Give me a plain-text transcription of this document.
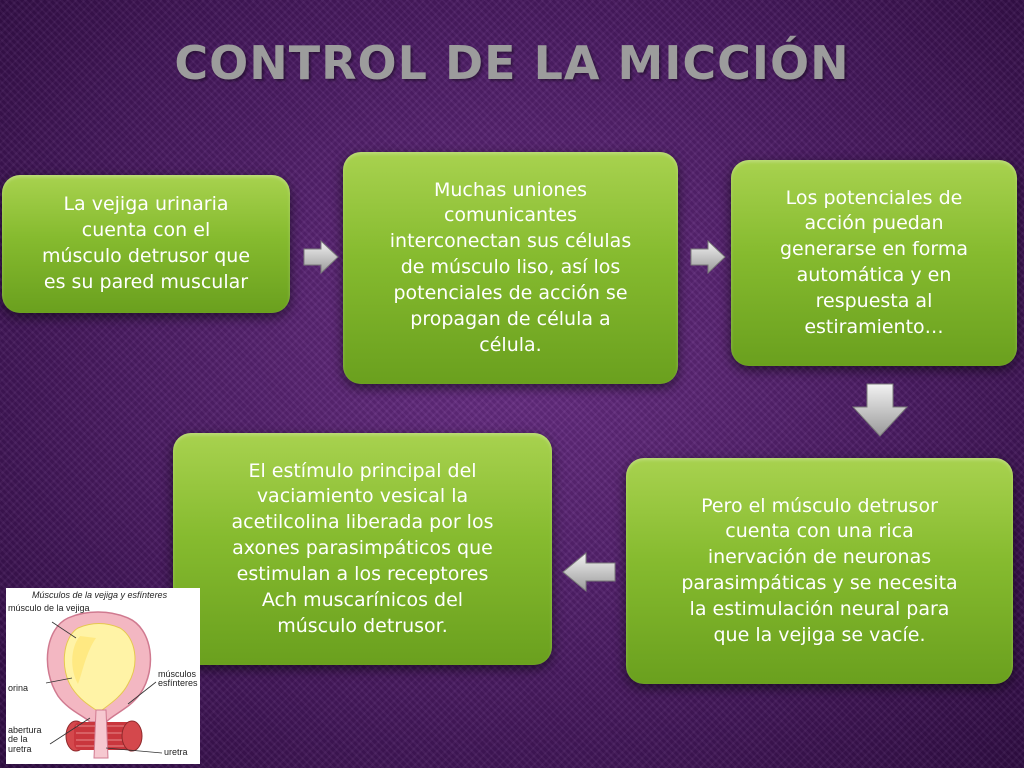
CONTROL DE LA MICCIÓN
La vejiga urinaria
cuenta con el
músculo detrusor que
es su pared muscular
Muchas uniones
comunicantes
interconectan sus células
de músculo liso, así los
potenciales de acción se
propagan de célula a
célula.
Los potenciales de
acción puedan
generarse en forma
automática y en
respuesta al
estiramiento…
Pero el músculo detrusor
cuenta con una rica
inervación de neuronas
parasimpáticas y se necesita
la estimulación neural para
que la vejiga se vacíe.
El estímulo principal del
vaciamiento vesical la
acetilcolina liberada por los
axones parasimpáticos que
estimulan a los receptores
Ach muscarínicos del
músculo detrusor.
Músculos de la vejiga y esfínteres
músculo de la vejiga
orina
músculos esfínteres
abertura de la uretra	uretra
